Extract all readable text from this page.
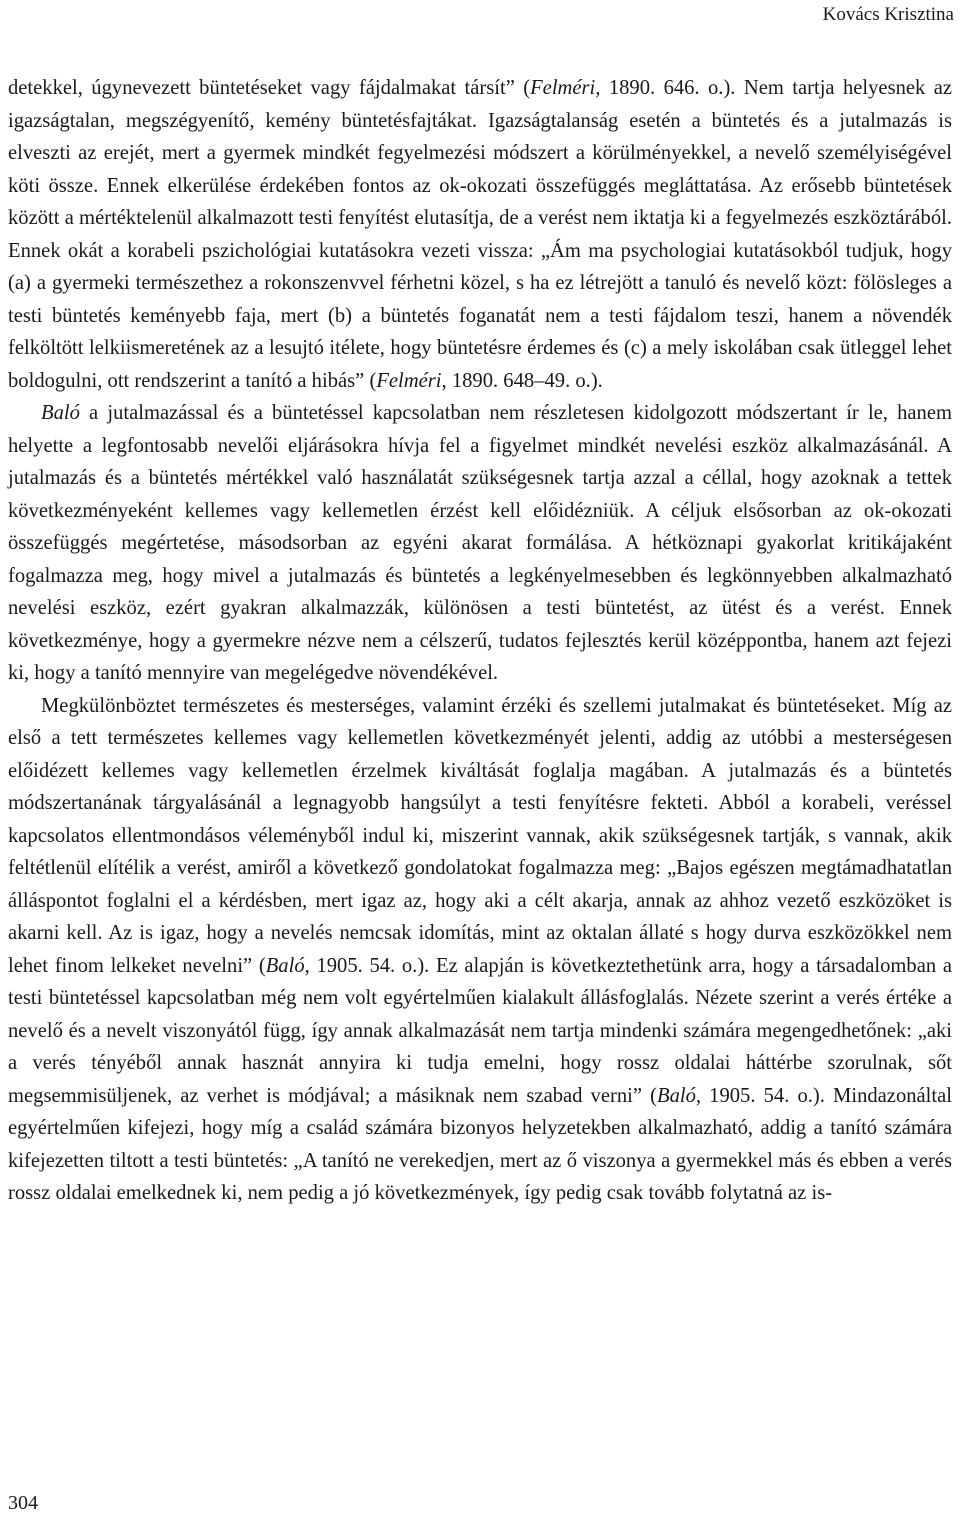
Kovács Krisztina

detekkel, úgynevezett büntetéseket vagy fájdalmakat társít” (Felméri, 1890. 646. o.). Nem tartja helyesnek az igazságtalan, megszégyenítő, kemény büntetésfajtákat. Igazságtalanság esetén a büntetés és a jutalmazás is elveszti az erejét, mert a gyermek mindkét fegyelmezési módszert a körülményekkel, a nevelő személyiségével köti össze. Ennek elkerülése érdekében fontos az ok-okozati összefüggés megláttatása. Az erősebb büntetések között a mértéktelenül alkalmazott testi fenyítést elutasítja, de a verést nem iktatja ki a fegyelmezés eszköztárából. Ennek okát a korabeli pszichológiai kutatásokra vezeti vissza: „Ám ma psychologiai kutatásokból tudjuk, hogy (a) a gyermeki természethez a rokonszenvvel férhetni közel, s ha ez létrejött a tanuló és nevelő közt: fölösleges a testi büntetés keményebb faja, mert (b) a büntetés foganatát nem a testi fájdalom teszi, hanem a növendék felköltött lelkiismeretének az a lesujtó itélete, hogy büntetésre érdemes és (c) a mely iskolában csak ütleggel lehet boldogulni, ott rendszerint a tanító a hibás” (Felméri, 1890. 648–49. o.).

Baló a jutalmazással és a büntetéssel kapcsolatban nem részletesen kidolgozott módszertant ír le, hanem helyette a legfontosabb nevelői eljárásokra hívja fel a figyelmet mindkét nevelési eszköz alkalmazásánál. A jutalmazás és a büntetés mértékkel való használatát szükségesnek tartja azzal a céllal, hogy azoknak a tettek következményeként kellemes vagy kellemetlen érzést kell előidézniük. A céljuk elsősorban az ok-okozati összefüggés megértetése, másodsorban az egyéni akarat formálása. A hétköznapi gyakorlat kritikájaként fogalmazza meg, hogy mivel a jutalmazás és büntetés a legkényelmesebben és legkönnyebben alkalmazható nevelési eszköz, ezért gyakran alkalmazzák, különösen a testi büntetést, az ütést és a verést. Ennek következménye, hogy a gyermekre nézve nem a célszerű, tudatos fejlesztés kerül középpontba, hanem azt fejezi ki, hogy a tanító mennyire van megelégedve növendékével.

Megkülönböztet természetes és mesterséges, valamint érzéki és szellemi jutalmakat és büntetéseket. Míg az első a tett természetes kellemes vagy kellemetlen következményét jelenti, addig az utóbbi a mesterségesen előidézett kellemes vagy kellemetlen érzelmek kiváltását foglalja magában. A jutalmazás és a büntetés módszertanának tárgyalásánál a legnagyobb hangsúlyt a testi fenyítésre fekteti. Abból a korabeli, veréssel kapcsolatos ellentmondásos véleményből indul ki, miszerint vannak, akik szükségesnek tartják, s vannak, akik feltétlenül elítélik a verést, amiről a következő gondolatokat fogalmazza meg: „Bajos egészen megtámadhatatlan álláspontot foglalni el a kérdésben, mert igaz az, hogy aki a célt akarja, annak az ahhoz vezető eszközöket is akarni kell. Az is igaz, hogy a nevelés nemcsak idomítás, mint az oktalan állaté s hogy durva eszközökkel nem lehet finom lelkeket nevelni” (Baló, 1905. 54. o.). Ez alapján is következtethetünk arra, hogy a társadalomban a testi büntetéssel kapcsolatban még nem volt egyértelműen kialakult állásfoglalás. Nézete szerint a verés értéke a nevelő és a nevelt viszonyától függ, így annak alkalmazását nem tartja mindenki számára megengedhetőnek: „aki a verés tényéből annak hasznát annyira ki tudja emelni, hogy rossz oldalai háttérbe szorulnak, sőt megsemmisüljenek, az verhet is módjával; a másiknak nem szabad verni” (Baló, 1905. 54. o.). Mindazonáltal egyértelműen kifejezi, hogy míg a család számára bizonyos helyzetekben alkalmazható, addig a tanító számára kifejezetten tiltott a testi büntetés: „A tanító ne verekedjen, mert az ő viszonya a gyermekkel más és ebben a verés rossz oldalai emelkednek ki, nem pedig a jó következmények, így pedig csak tovább folytatná az is-

304
